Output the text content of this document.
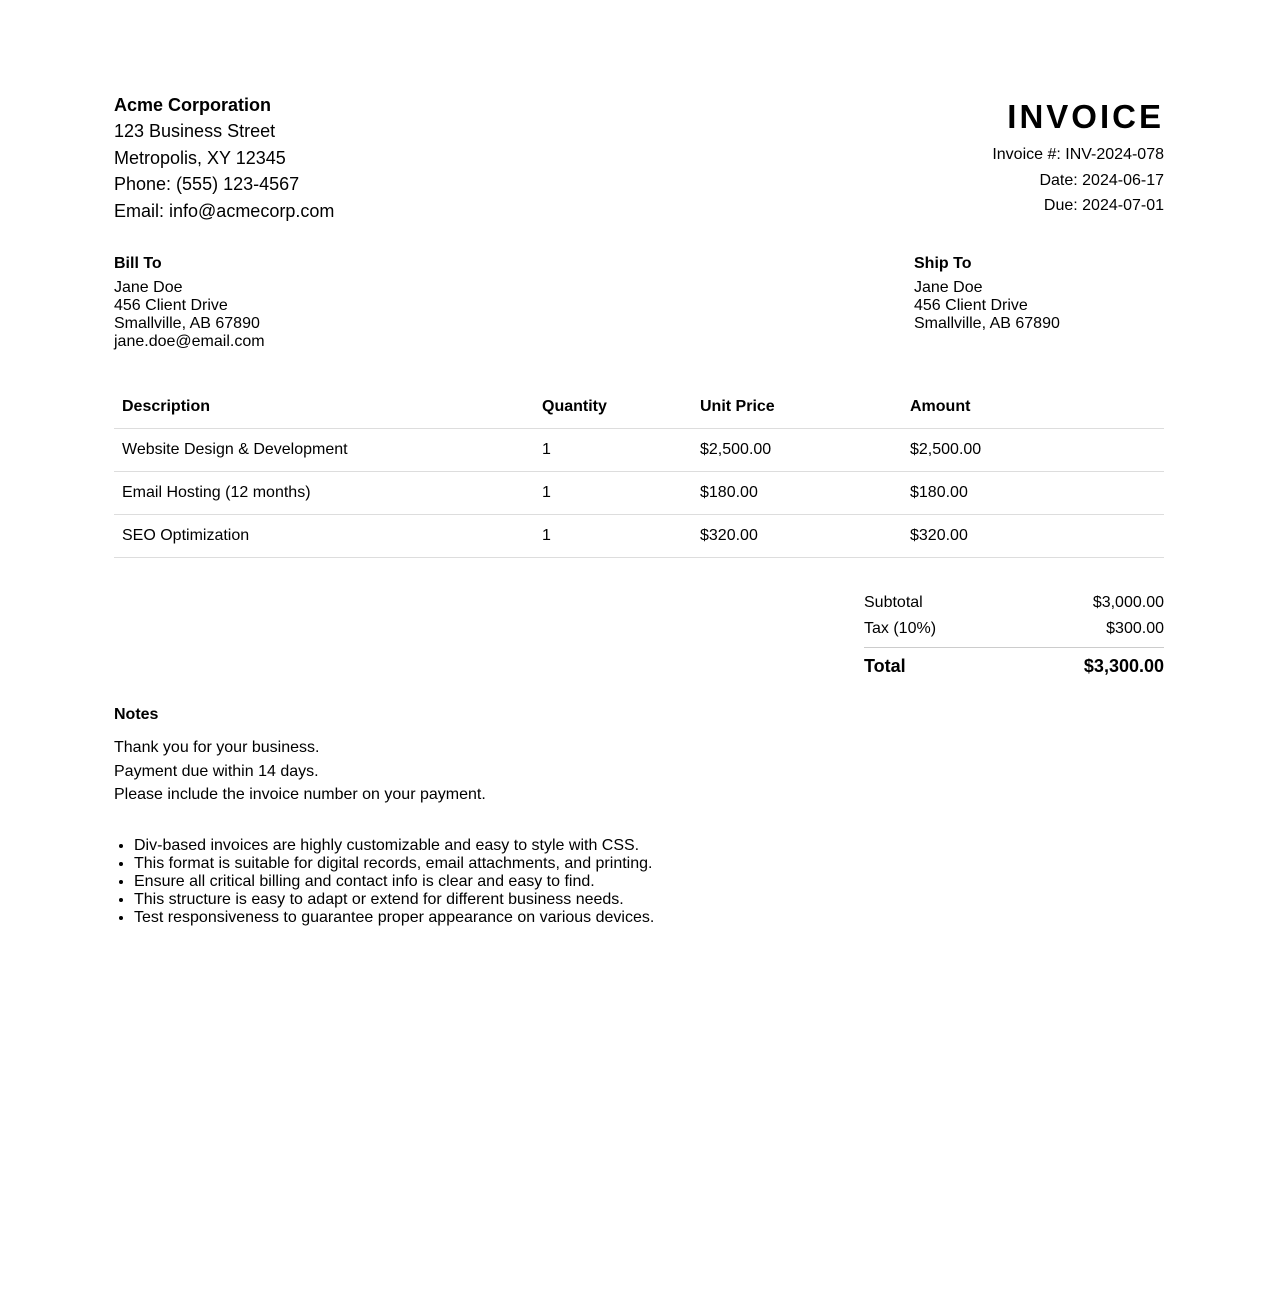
Acme Corporation
123 Business Street
Metropolis, XY 12345
Phone: (555) 123-4567
Email: info@acmecorp.com
INVOICE
Invoice #: INV-2024-078
Date: 2024-06-17
Due: 2024-07-01
Bill To
Jane Doe
456 Client Drive
Smallville, AB 67890
jane.doe@email.com
Ship To
Jane Doe
456 Client Drive
Smallville, AB 67890
Description	Quantity	Unit Price	Amount
Website Design & Development	1	$2,500.00	$2,500.00
Email Hosting (12 months)	1	$180.00	$180.00
SEO Optimization	1	$320.00	$320.00
Subtotal	$3,000.00
Tax (10%)	$300.00
Total	$3,300.00
Notes
Thank you for your business.
Payment due within 14 days.
Please include the invoice number on your payment.
• Div-based invoices are highly customizable and easy to style with CSS.
• This format is suitable for digital records, email attachments, and printing.
• Ensure all critical billing and contact info is clear and easy to find.
• This structure is easy to adapt or extend for different business needs.
• Test responsiveness to guarantee proper appearance on various devices.
